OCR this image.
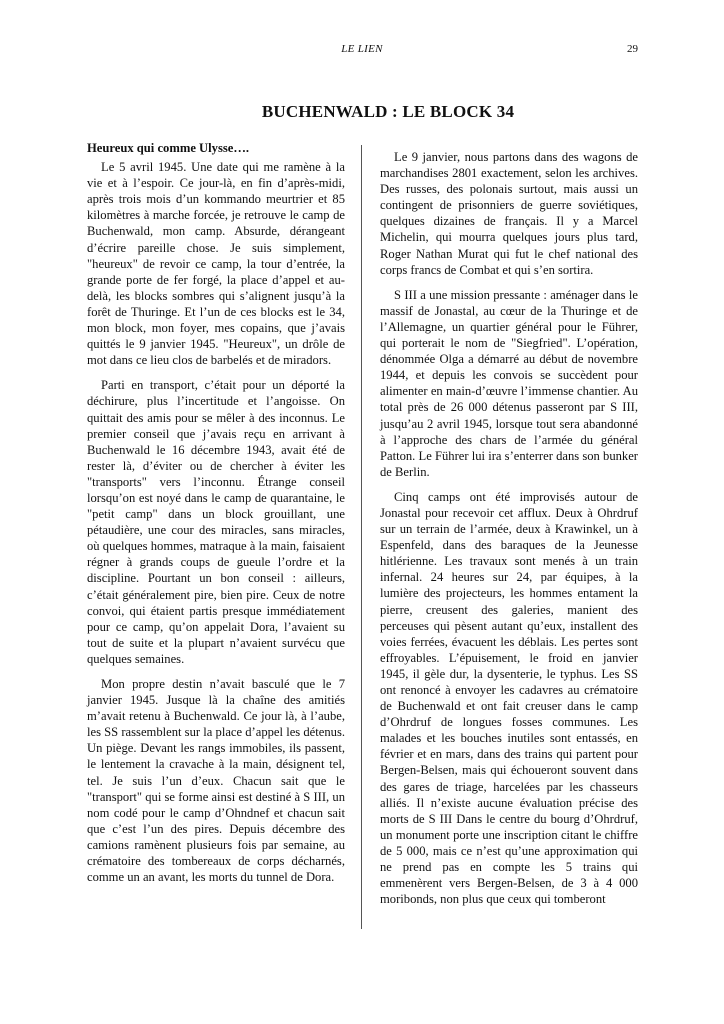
LE LIEN	29
BUCHENWALD : LE BLOCK 34
Heureux qui comme Ulysse….

Le 5 avril 1945. Une date qui me ramène à la vie et à l’espoir. Ce jour-là, en fin d’après-midi, après trois mois d’un kommando meurtrier et 85 kilomètres à marche forcée, je retrouve le camp de Buchenwald, mon camp. Absurde, dérangeant d’écrire pareille chose. Je suis simplement, "heureux" de revoir ce camp, la tour d’entrée, la grande porte de fer forgé, la place d’appel et au-delà, les blocks sombres qui s’alignent jusqu’à la forêt de Thuringe. Et l’un de ces blocks est le 34, mon block, mon foyer, mes copains, que j’avais quittés le 9 janvier 1945. "Heureux", un drôle de mot dans ce lieu clos de barbelés et de miradors.

Parti en transport, c’était pour un déporté la déchirure, plus l’incertitude et l’angoisse. On quittait des amis pour se mêler à des inconnus. Le premier conseil que j’avais reçu en arrivant à Buchenwald le 16 décembre 1943, avait été de rester là, d’éviter ou de chercher à éviter les "transports" vers l’inconnu. Étrange conseil lorsqu’on est noyé dans le camp de quarantaine, le "petit camp" dans un block grouillant, une pétaudière, une cour des miracles, sans miracles, où quelques hommes, matraque à la main, faisaient régner à grands coups de gueule l’ordre et la discipline. Pourtant un bon conseil : ailleurs, c’était généralement pire, bien pire. Ceux de notre convoi, qui étaient partis presque immédiatement pour ce camp, qu’on appelait Dora, l’avaient su tout de suite et la plupart n’avaient survécu que quelques semaines.

Mon propre destin n’avait basculé que le 7 janvier 1945. Jusque là la chaîne des amitiés m’avait retenu à Buchenwald. Ce jour là, à l’aube, les SS rassemblent sur la place d’appel les détenus. Un piège. Devant les rangs immobiles, ils passent, le lentement la cravache à la main, désignent tel, tel. Je suis l’un d’eux. Chacun sait que le "transport" qui se forme ainsi est destiné à S III, un nom codé pour le camp d’Ohndnef et chacun sait que c’est l’un des pires. Depuis décembre des camions ramènent plusieurs fois par semaine, au crématoire des tombereaux de corps décharnés, comme un an avant, les morts du tunnel de Dora.

Le 9 janvier, nous partons dans des wagons de marchandises 2801 exactement, selon les archives. Des russes, des polonais surtout, mais aussi un contingent de prisonniers de guerre soviétiques, quelques dizaines de français. Il y a Marcel Michelin, qui mourra quelques jours plus tard, Roger Nathan Murat qui fut le chef national des corps francs de Combat et qui s’en sortira.

S III a une mission pressante : aménager dans le massif de Jonastal, au cœur de la Thuringe et de l’Allemagne, un quartier général pour le Führer, qui porterait le nom de "Siegfried". L’opération, dénommée Olga a démarré au début de novembre 1944, et depuis les convois se succèdent pour alimenter en main-d’œuvre l’immense chantier. Au total près de 26 000 détenus passeront par S III, jusqu’au 2 avril 1945, lorsque tout sera abandonné à l’approche des chars de l’armée du général Patton. Le Führer lui ira s’enterrer dans son bunker de Berlin.

Cinq camps ont été improvisés autour de Jonastal pour recevoir cet afflux. Deux à Ohrdruf sur un terrain de l’armée, deux à Krawinkel, un à Espenfeld, dans des baraques de la Jeunesse hitlérienne. Les travaux sont menés à un train infernal. 24 heures sur 24, par équipes, à la lumière des projecteurs, les hommes entament la pierre, creusent des galeries, manient des perceuses qui pèsent autant qu’eux, installent des voies ferrées, évacuent les déblais. Les pertes sont effroyables. L’épuisement, le froid en janvier 1945, il gèle dur, la dysenterie, le typhus. Les SS ont renoncé à envoyer les cadavres au crématoire de Buchenwald et ont fait creuser dans le camp d’Ohrdruf de longues fosses communes. Les malades et les bouches inutiles sont entassés, en février et en mars, dans des trains qui partent pour Bergen-Belsen, mais qui échoueront souvent dans des gares de triage, harcelées par les chasseurs alliés. Il n’existe aucune évaluation précise des morts de S III Dans le centre du bourg d’Ohrdruf, un monument porte une inscription citant le chiffre de 5 000, mais ce n’est qu’une approximation qui ne prend pas en compte les 5 trains qui emmenèrent vers Bergen-Belsen, de 3 à 4 000 moribonds, non plus que ceux qui tomberont
